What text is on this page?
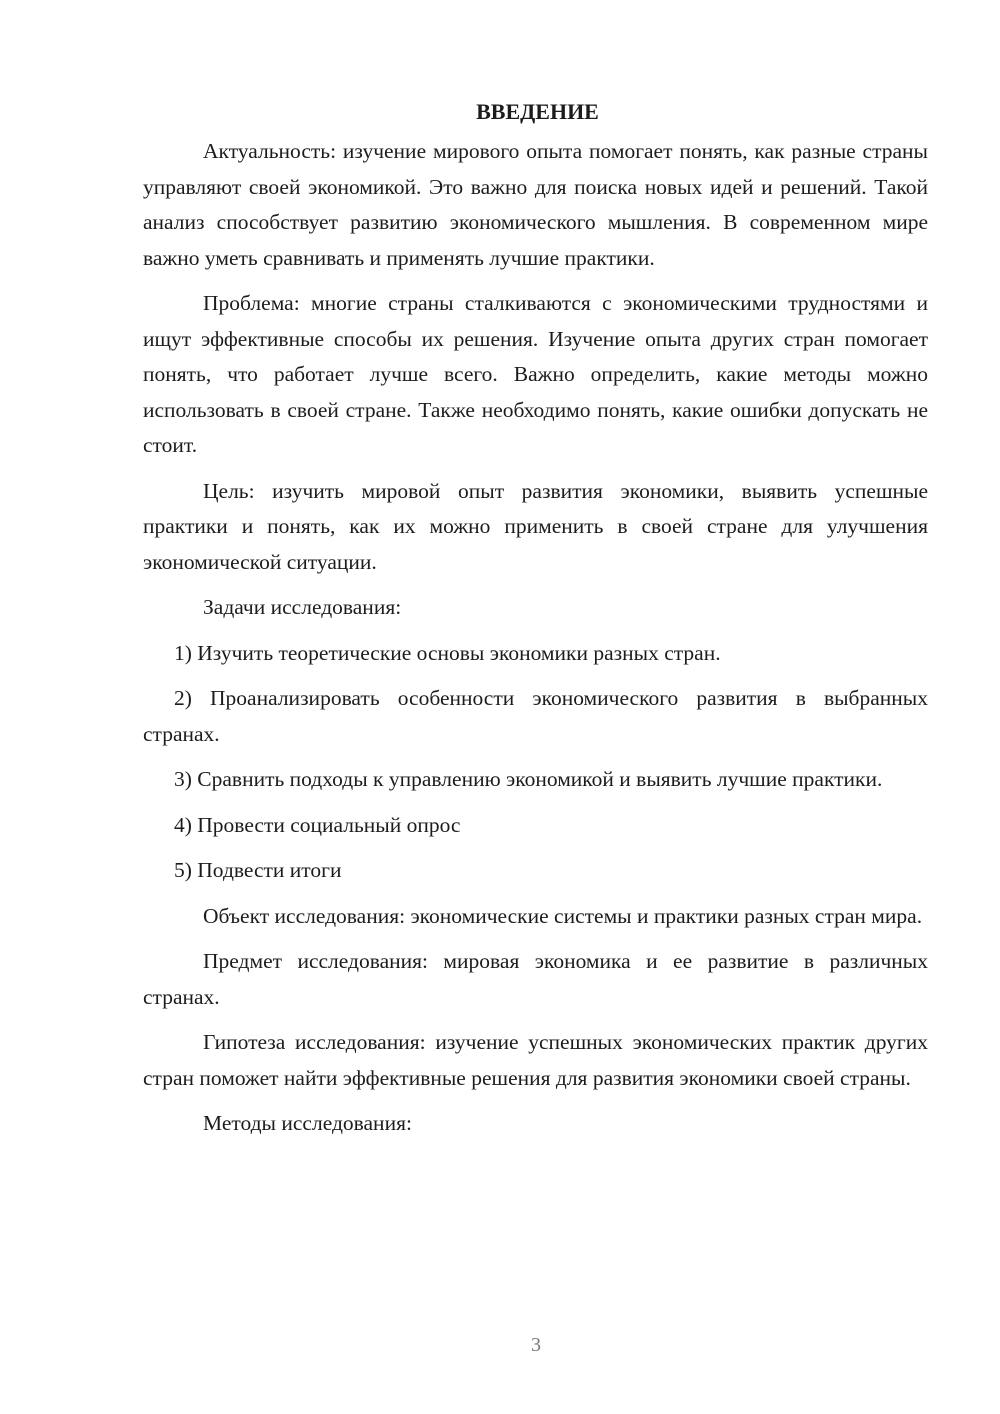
ВВЕДЕНИЕ

Актуальность: изучение мирового опыта помогает понять, как разные страны управляют своей экономикой. Это важно для поиска новых идей и решений. Такой анализ способствует развитию экономического мышления. В современном мире важно уметь сравнивать и применять лучшие практики.

Проблема: многие страны сталкиваются с экономическими трудностями и ищут эффективные способы их решения. Изучение опыта других стран помогает понять, что работает лучше всего. Важно определить, какие методы можно использовать в своей стране. Также необходимо понять, какие ошибки допускать не стоит.

Цель: изучить мировой опыт развития экономики, выявить успешные практики и понять, как их можно применить в своей стране для улучшения экономической ситуации.

Задачи исследования:

1) Изучить теоретические основы экономики разных стран.

2) Проанализировать особенности экономического развития в выбранных странах.

3) Сравнить подходы к управлению экономикой и выявить лучшие практики.

4) Провести социальный опрос

5) Подвести итоги

Объект исследования: экономические системы и практики разных стран мира.

Предмет исследования: мировая экономика и ее развитие в различных странах.

Гипотеза исследования: изучение успешных экономических практик других стран поможет найти эффективные решения для развития экономики своей страны.

Методы исследования:

3
